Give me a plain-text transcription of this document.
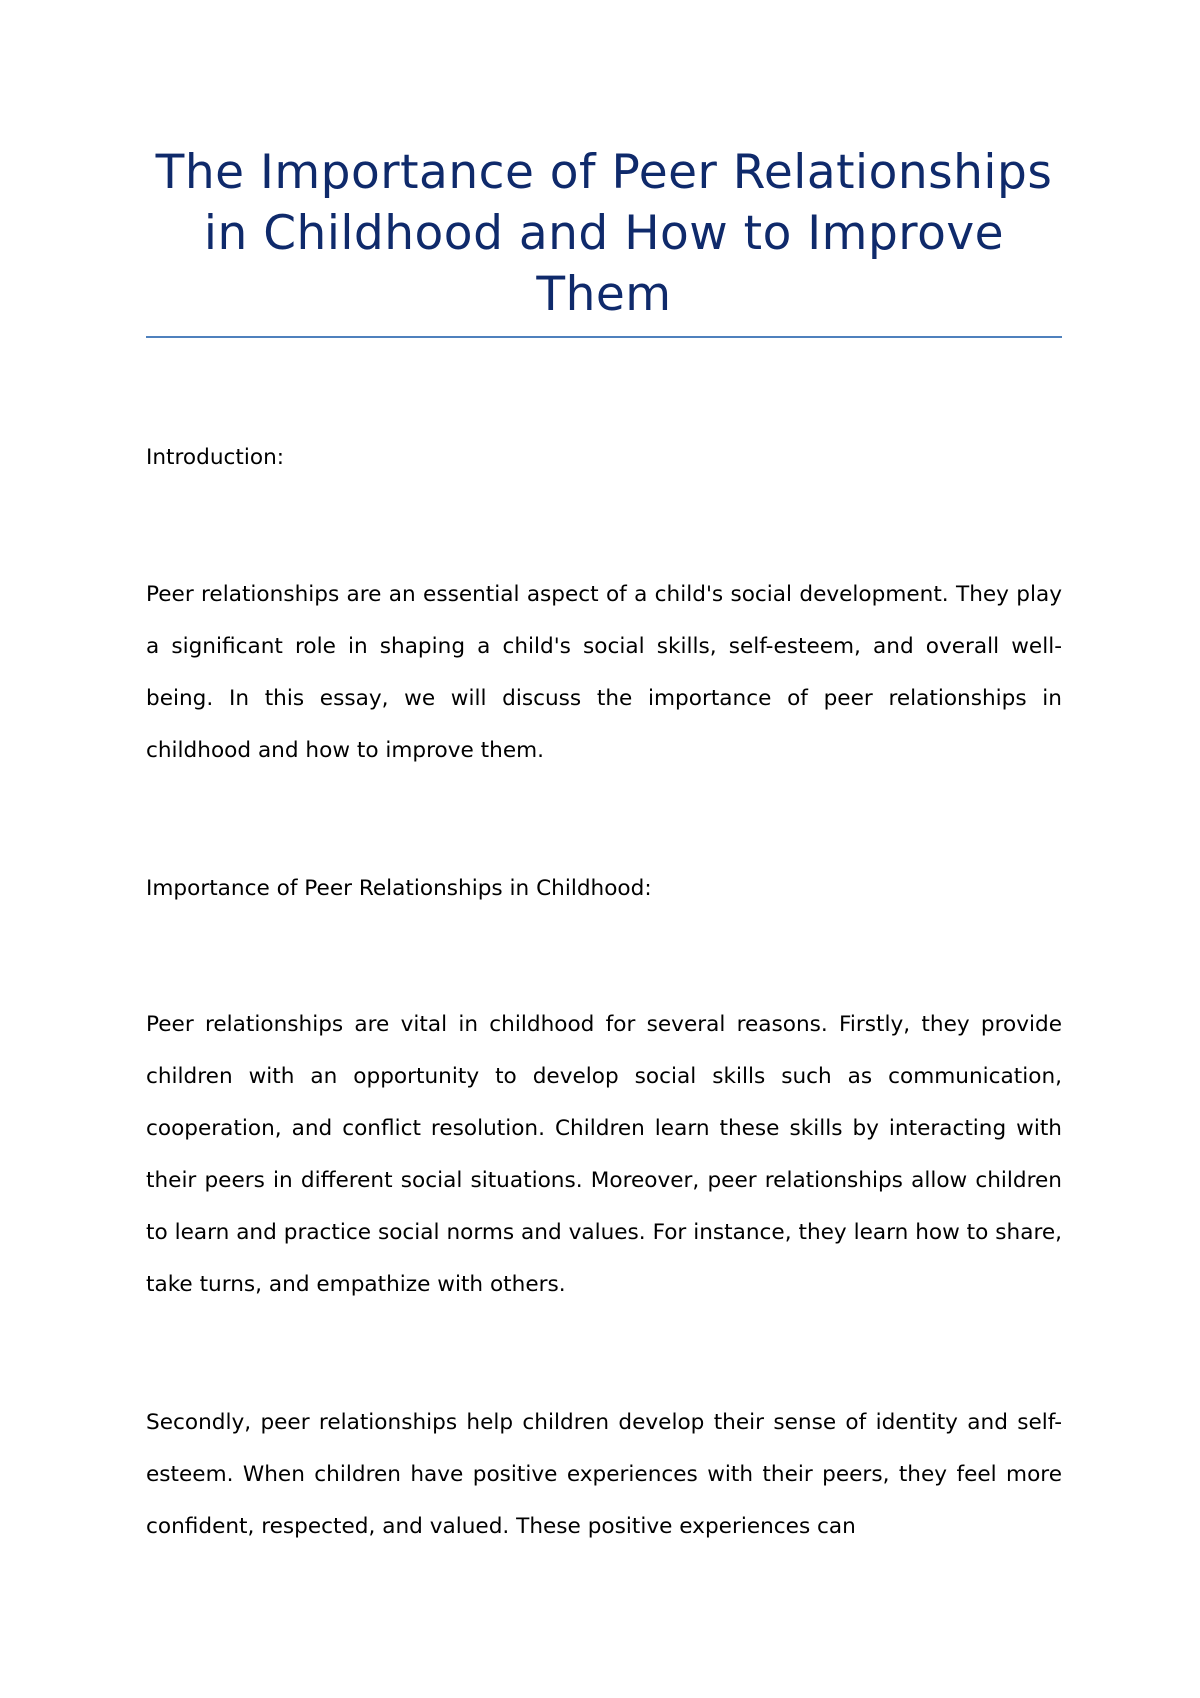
The Importance of Peer Relationships in Childhood and How to Improve Them

Introduction:

Peer relationships are an essential aspect of a child's social development. They play a significant role in shaping a child's social skills, self-esteem, and overall well-being. In this essay, we will discuss the importance of peer relationships in childhood and how to improve them.

Importance of Peer Relationships in Childhood:

Peer relationships are vital in childhood for several reasons. Firstly, they provide children with an opportunity to develop social skills such as communication, cooperation, and conflict resolution. Children learn these skills by interacting with their peers in different social situations. Moreover, peer relationships allow children to learn and practice social norms and values. For instance, they learn how to share, take turns, and empathize with others.

Secondly, peer relationships help children develop their sense of identity and self-esteem. When children have positive experiences with their peers, they feel more confident, respected, and valued. These positive experiences can
